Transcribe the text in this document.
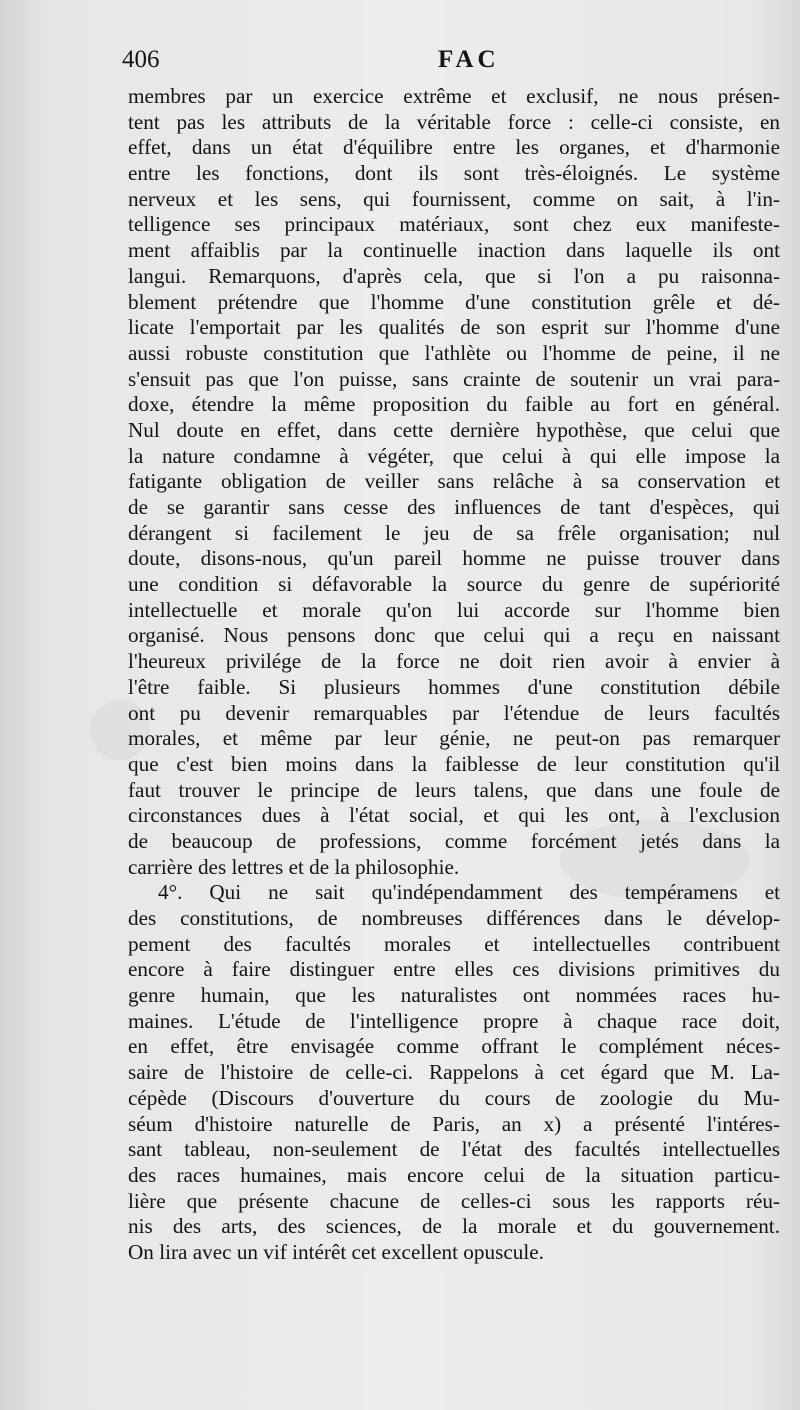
406	FAC
membres par un exercice extrême et exclusif, ne nous présen-
tent pas les attributs de la véritable force : celle-ci consiste, en
effet, dans un état d'équilibre entre les organes, et d'harmonie
entre les fonctions, dont ils sont très-éloignés. Le système
nerveux et les sens, qui fournissent, comme on sait, à l'in-
telligence ses principaux matériaux, sont chez eux manifeste-
ment affaiblis par la continuelle inaction dans laquelle ils ont
langui. Remarquons, d'après cela, que si l'on a pu raisonna-
blement prétendre que l'homme d'une constitution grêle et dé-
licate l'emportait par les qualités de son esprit sur l'homme d'une
aussi robuste constitution que l'athlète ou l'homme de peine, il ne
s'ensuit pas que l'on puisse, sans crainte de soutenir un vrai para-
doxe, étendre la même proposition du faible au fort en général.
Nul doute en effet, dans cette dernière hypothèse, que celui que
la nature condamne à végéter, que celui à qui elle impose la
fatigante obligation de veiller sans relâche à sa conservation et
de se garantir sans cesse des influences de tant d'espèces, qui
dérangent si facilement le jeu de sa frêle organisation; nul
doute, disons-nous, qu'un pareil homme ne puisse trouver dans
une condition si défavorable la source du genre de supériorité
intellectuelle et morale qu'on lui accorde sur l'homme bien
organisé. Nous pensons donc que celui qui a reçu en naissant
l'heureux privilége de la force ne doit rien avoir à envier à
l'être faible. Si plusieurs hommes d'une constitution débile
ont pu devenir remarquables par l'étendue de leurs facultés
morales, et même par leur génie, ne peut-on pas remarquer
que c'est bien moins dans la faiblesse de leur constitution qu'il
faut trouver le principe de leurs talens, que dans une foule de
circonstances dues à l'état social, et qui les ont, à l'exclusion
de beaucoup de professions, comme forcément jetés dans la
carrière des lettres et de la philosophie.
4°. Qui ne sait qu'indépendamment des tempéramens et
des constitutions, de nombreuses différences dans le dévelop-
pement des facultés morales et intellectuelles contribuent
encore à faire distinguer entre elles ces divisions primitives du
genre humain, que les naturalistes ont nommées races hu-
maines. L'étude de l'intelligence propre à chaque race doit,
en effet, être envisagée comme offrant le complément néces-
saire de l'histoire de celle-ci. Rappelons à cet égard que M. La-
cépède (Discours d'ouverture du cours de zoologie du Mu-
séum d'histoire naturelle de Paris, an x) a présenté l'intéres-
sant tableau, non-seulement de l'état des facultés intellectuelles
des races humaines, mais encore celui de la situation particu-
lière que présente chacune de celles-ci sous les rapports réu-
nis des arts, des sciences, de la morale et du gouvernement.
On lira avec un vif intérêt cet excellent opuscule.
